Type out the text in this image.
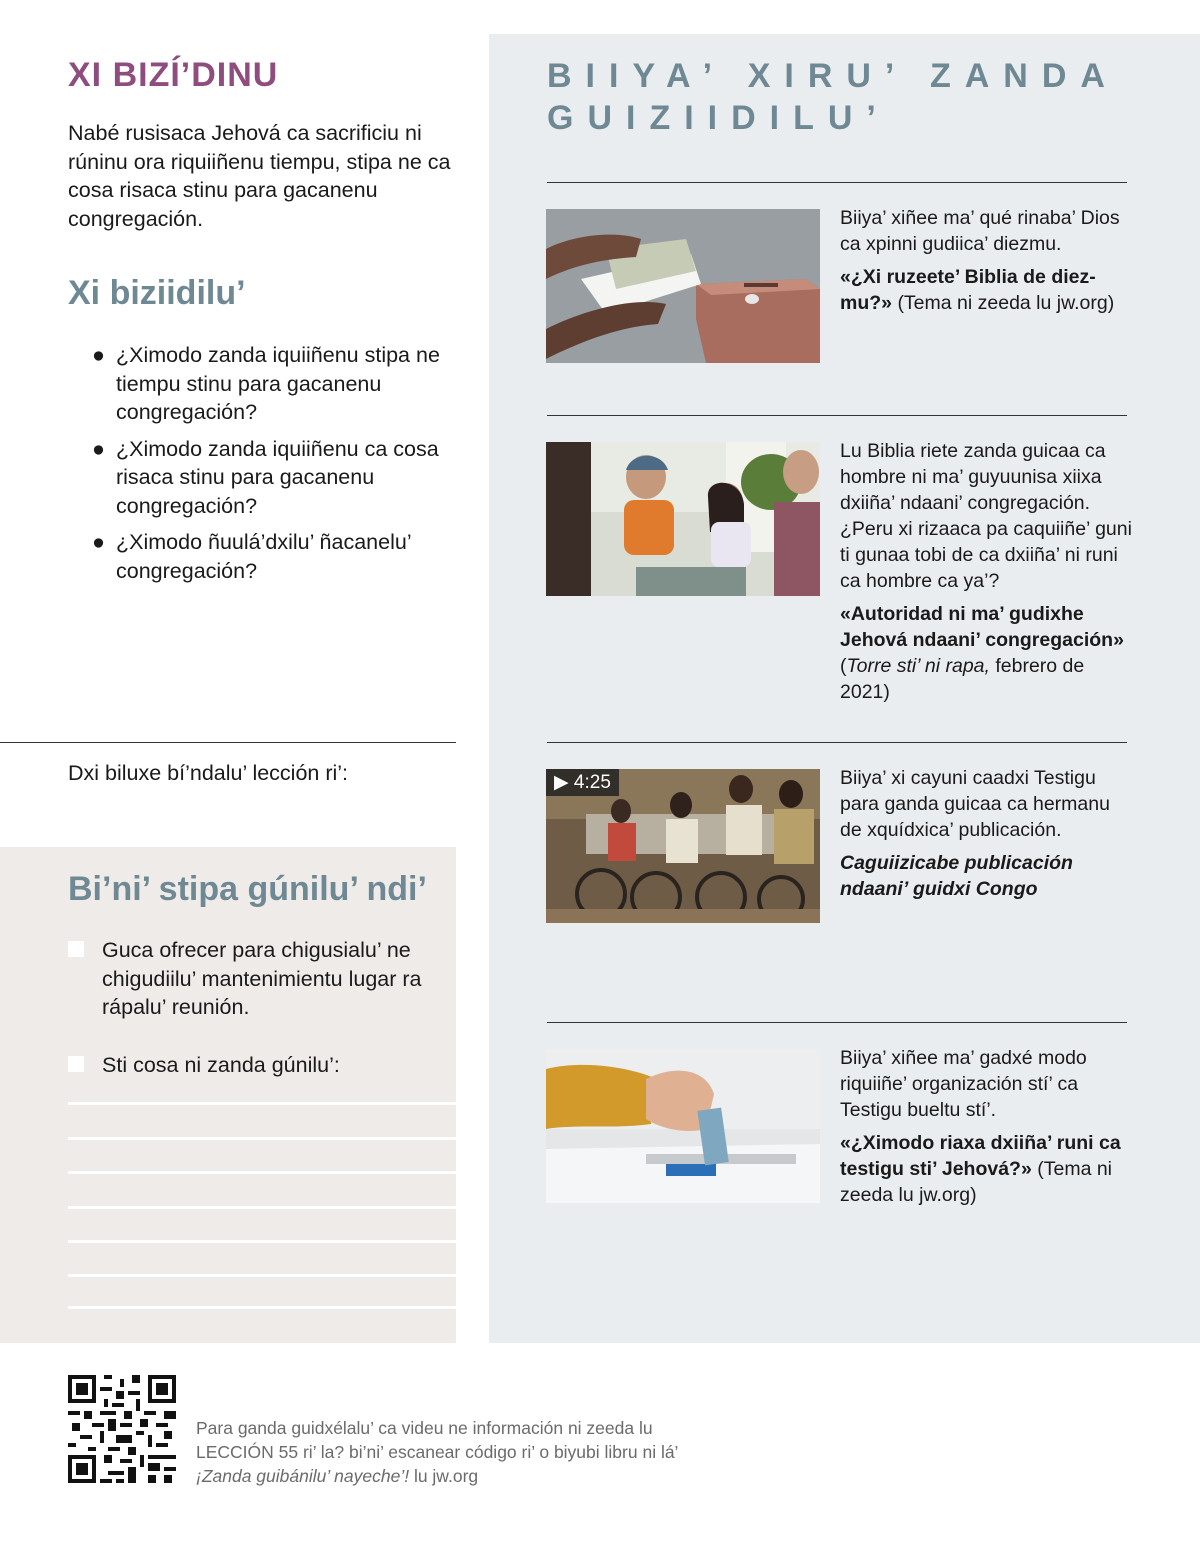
XI BIZÍ’DINU

Nabé rusisaca Jehová ca sacrificiu ni rúninu ora riquiiñenu tiempu, stipa ne ca cosa risaca stinu para gacanenu congregación.

Xi biziidilu’
● ¿Ximodo zanda iquiiñenu stipa ne tiempu stinu para gacanenu congregación?
● ¿Ximodo zanda iquiiñenu ca cosa risaca stinu para gacanenu congregación?
● ¿Ximodo ñuulá’dxilu’ ñacanelu’ congregación?

Dxi biluxe bí’ndalu’ lección ri’:

Bi’ni’ stipa gúnilu’ ndi’
Guca ofrecer para chigusialu’ ne chigudiilu’ mantenimientu lugar ra rápalu’ reunión.
Sti cosa ni zanda gúnilu’:
BIIYA’ XIRU’ ZANDA GUIZIIDILU’
Biiya’ xiñee ma’ qué rinaba’ Dios ca xpinni gudiica’ diezmu.
«¿Xi ruzeete’ Biblia de diezmu?» (Tema ni zeeda lu jw.org)
Lu Biblia riete zanda guicaa ca hombre ni ma’ guyuunisa xiixa dxiiña’ ndaani’ congregación. ¿Peru xi rizaaca pa caquiiñe’ guni ti gunaa tobi de ca dxiiña’ ni runi ca hombre ca ya’?
«Autoridad ni ma’ gudixhe Jehová ndaani’ congregación» (Torre sti’ ni rapa, febrero de 2021)
▶ 4:25	Biiya’ xi cayuni caadxi Testigu para ganda guicaa ca hermanu de xquídxica’ publicación.
Caguiizicabe publicación ndaani’ guidxi Congo
Biiya’ xiñee ma’ gadxé modo riquiiñe’ organización stí’ ca Testigu bueltu stí’.
«¿Ximodo riaxa dxiiña’ runi ca testigu sti’ Jehová?» (Tema ni zeeda lu jw.org)

Para ganda guidxélalu’ ca videu ne información ni zeeda lu LECCIÓN 55 ri’ la? bi’ni’ escanear código ri’ o biyubi libru ni lá’ ¡Zanda guibánilu’ nayeche’! lu jw.org
